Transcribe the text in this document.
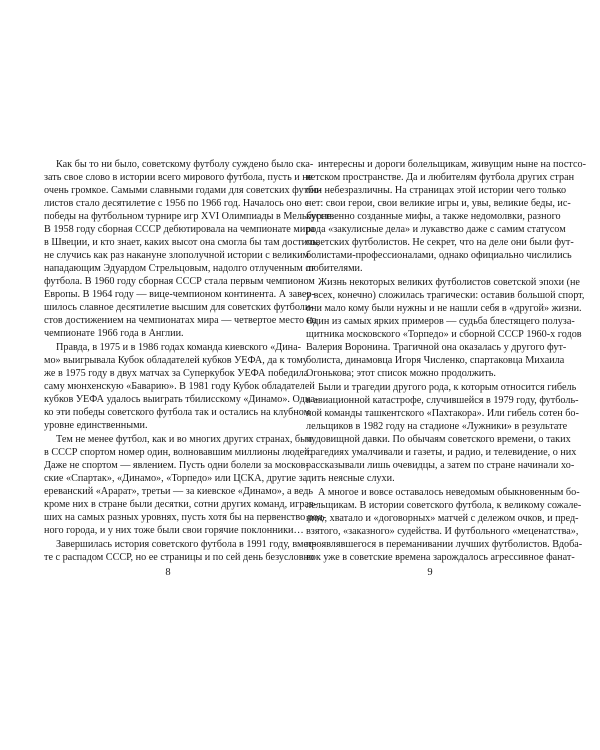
Как бы то ни было, советскому футболу суждено было ска-
зать свое слово в истории всего мирового футбола, пусть и не
очень громкое. Самыми славными годами для советских футбо-
листов стало десятилетие с 1956 по 1966 год. Началось оно с
победы на футбольном турнире игр XVI Олимпиады в Мельбурне.
В 1958 году сборная СССР дебютировала на чемпионате мира
в Швеции, и кто знает, каких высот она смогла бы там достичь,
не случись как раз накануне злополучной истории с великим
нападающим Эдуардом Стрельцовым, надолго отлученным от
футбола. В 1960 году сборная СССР стала первым чемпионом
Европы. В 1964 году — вице-чемпионом континента. А завер-
шилось славное десятилетие высшим для советских футболи-
стов достижением на чемпионатах мира — четвертое место на
чемпионате 1966 года в Англии.
Правда, в 1975 и в 1986 годах команда киевского «Дина-
мо» выигрывала Кубок обладателей кубков УЕФА, да к тому
же в 1975 году в двух матчах за Суперкубок УЕФА победила
саму мюнхенскую «Баварию». В 1981 году Кубок обладателей
кубков УЕФА удалось выиграть тбилисскому «Динамо». Одна-
ко эти победы советского футбола так и остались на клубном
уровне единственными.
Тем не менее футбол, как и во многих других странах, был
в СССР спортом номер один, волновавшим миллионы людей.
Даже не спортом — явлением. Пусть одни болели за москов-
ские «Спартак», «Динамо», «Торпедо» или ЦСКА, другие за
ереванский «Арарат», третьи — за киевское «Динамо», а ведь
кроме них в стране были десятки, сотни других команд, играв-
ших на самых разных уровнях, пусть хотя бы на первенство род-
ного города, и у них тоже были свои горячие поклонники…
Завершилась история советского футбола в 1991 году, вмес-
те с распадом СССР, но ее страницы и по сей день безусловно
8
интересны и дороги болельщикам, живущим ныне на постсо-
ветском пространстве. Да и любителям футбола других стран
они небезразличны. На страницах этой истории чего только
нет: свои герои, свои великие игры и, увы, великие беды, ис-
кусственно созданные мифы, а также недомолвки, разного
рода «закулисные дела» и лукавство даже с самим статусом
советских футболистов. Не секрет, что на деле они были фут-
болистами-профессионалами, однако официально числились
любителями.
Жизнь некоторых великих футболистов советской эпохи (не
у всех, конечно) сложилась трагически: оставив большой спорт,
они мало кому были нужны и не нашли себя в «другой» жизни.
Один из самых ярких примеров — судьба блестящего полуза-
щитника московского «Торпедо» и сборной СССР 1960-х годов
Валерия Воронина. Трагичной она оказалась у другого фут-
болиста, динамовца Игоря Численко, спартаковца Михаила
Огонькова; этот список можно продолжить.
Были и трагедии другого рода, к которым относится гибель
в авиационной катастрофе, случившейся в 1979 году, футболь-
ной команды ташкентского «Пахтакора». Или гибель сотен бо-
лельщиков в 1982 году на стадионе «Лужники» в результате
чудовищной давки. По обычаям советского времени, о таких
трагедиях умалчивали и газеты, и радио, и телевидение, о них
рассказывали лишь очевидцы, а затем по стране начинали хо-
дить неясные слухи.
А многое и вовсе оставалось неведомым обыкновенным бо-
лельщикам. В истории советского футбола, к великому сожале-
нию, хватало и «договорных» матчей с дележом очков, и пред-
взятого, «заказного» судейства. И футбольного «меценатства»,
проявлявшегося в переманивании лучших футболистов. Вдоба-
вок уже в советские времена зарождалось агрессивное фанат-
9
